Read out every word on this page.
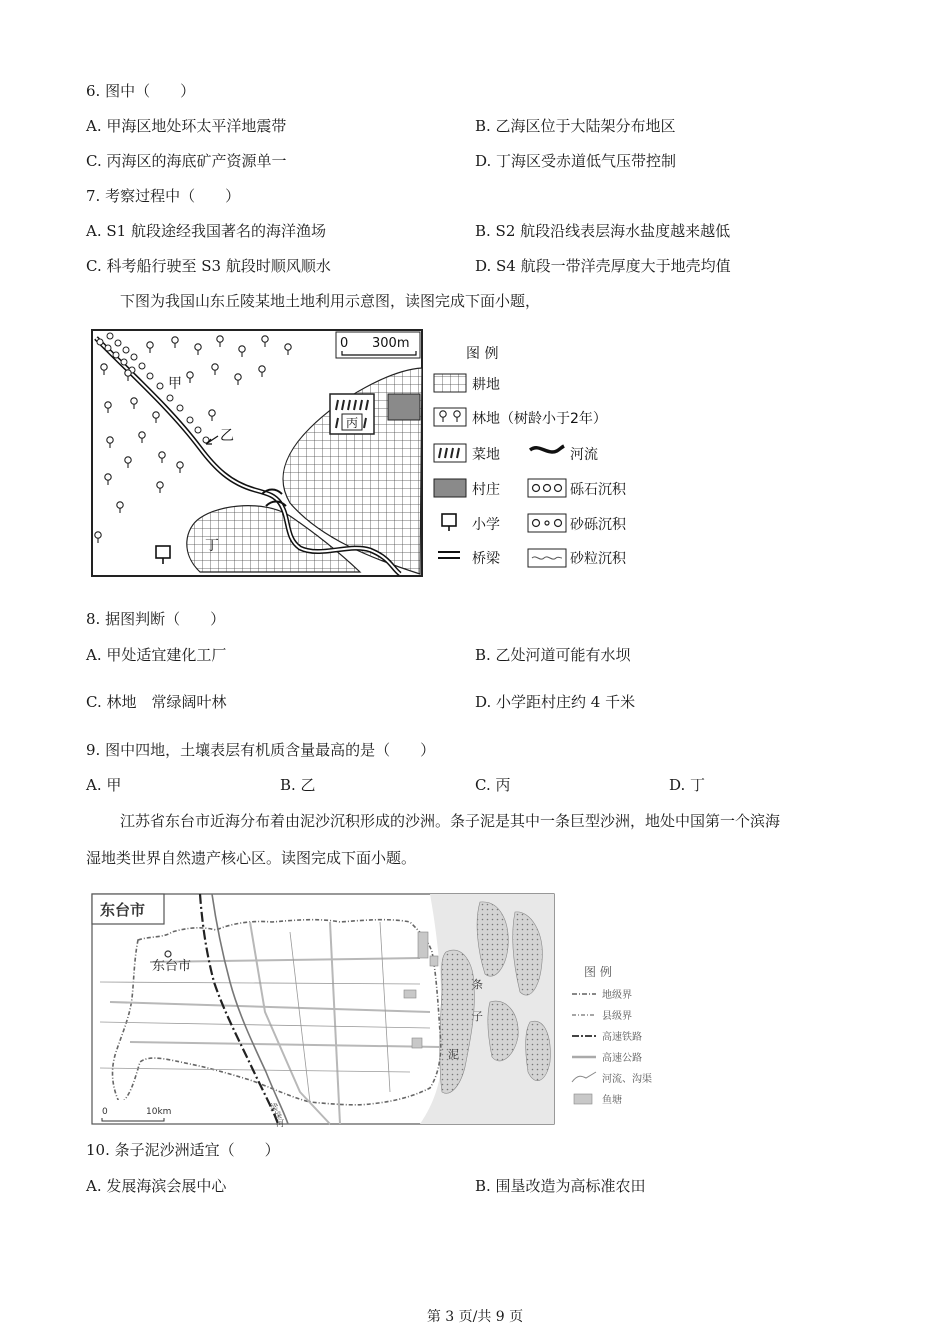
6. 图中（　　）
A. 甲海区地处环太平洋地震带	B. 乙海区位于大陆架分布地区
C. 丙海区的海底矿产资源单一	D. 丁海区受赤道低气压带控制
7. 考察过程中（　　）
A. S1 航段途经我国著名的海洋渔场	B. S2 航段沿线表层海水盐度越来越低
C. 科考船行驶至 S3 航段时顺风顺水	D. S4 航段一带洋壳厚度大于地壳均值
下图为我国山东丘陵某地土地利用示意图，读图完成下面小题，
丙
甲
乙
丁
0 300m
图 例
耕地
林地（树龄小于2年）
菜地	河流
村庄	砾石沉积
小学	砂砾沉积
桥梁	砂粒沉积
8. 据图判断（　　）
A. 甲处适宜建化工厂	B. 乙处河道可能有水坝
C. 林地　常绿阔叶林	D. 小学距村庄约 4 千米
9. 图中四地，土壤表层有机质含量最高的是（　　）
A. 甲	B. 乙	C. 丙	D. 丁
江苏省东台市近海分布着由泥沙沉积形成的沙洲。条子泥是其中一条巨型沙洲，地处中国第一个滨海
湿地类世界自然遗产核心区。读图完成下面小题。
东台市
东台市
条
子
泥
梁
垛
河
0	10km
图 例
地级界
县级界
高速铁路
高速公路
河流、沟渠
鱼塘
10. 条子泥沙洲适宜（　　）
A. 发展海滨会展中心	B. 围垦改造为高标准农田
第 3 页/共 9 页
